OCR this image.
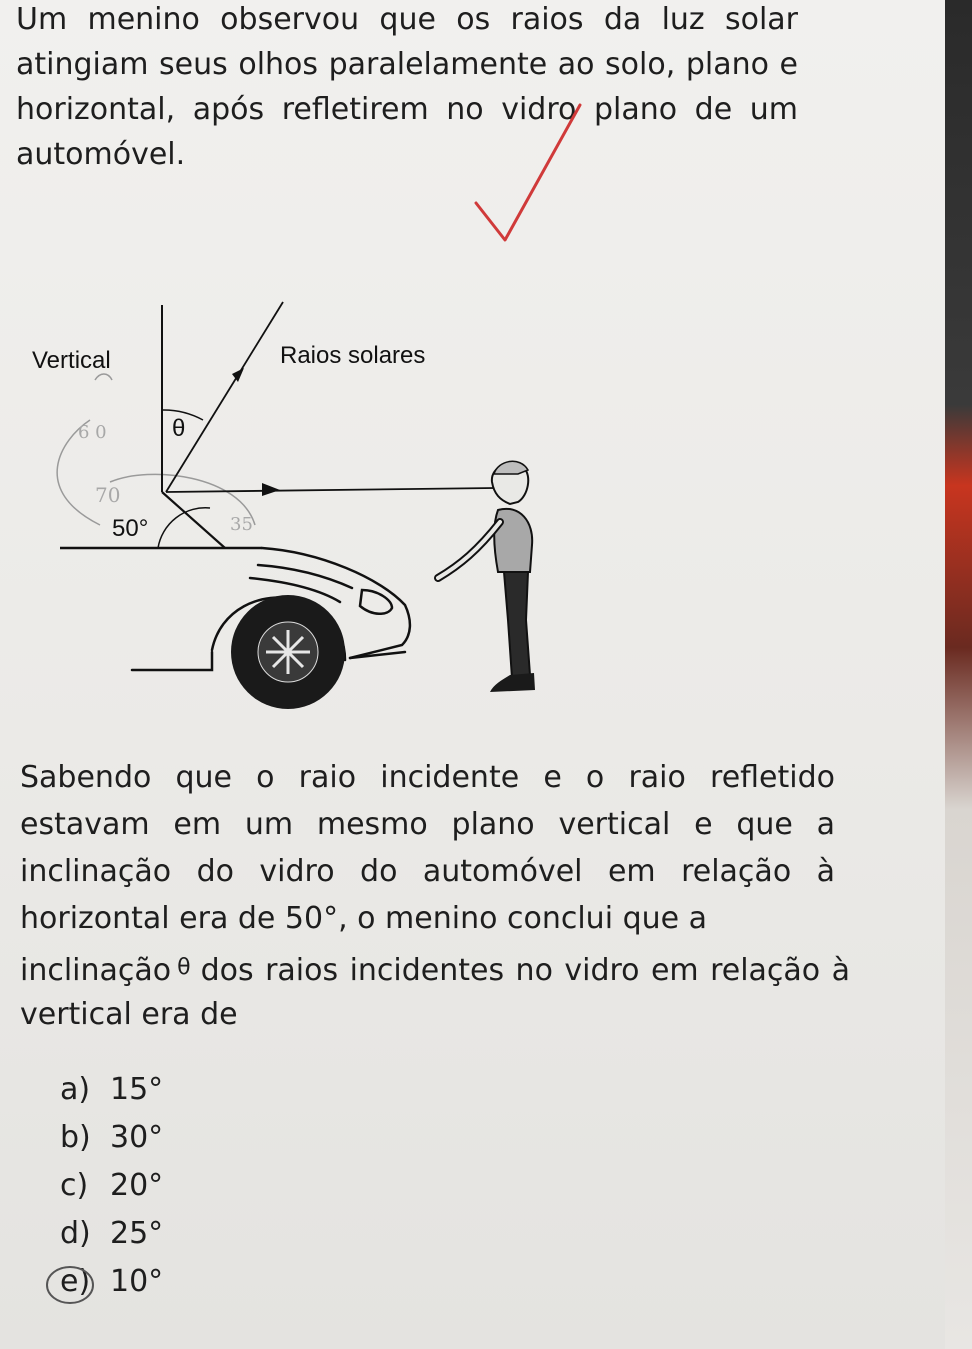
Um menino observou que os raios da luz solar atingiam seus olhos paralelamente ao solo, plano e horizontal, após refletirem no vidro plano de um automóvel.

6 0
70
35
Vertical	Raios solares
θ
50°

Sabendo que o raio incidente e o raio refletido estavam em um mesmo plano vertical e que a inclinação do vidro do automóvel em relação à horizontal era de 50°, o menino conclui que a

inclinação $^\theta$ dos raios incidentes no vidro em relação à vertical era de

a) 15°
b) 30°
c) 20°
d) 25°
e) 10°
